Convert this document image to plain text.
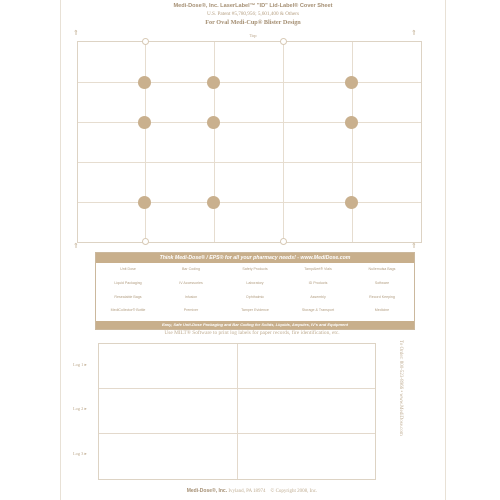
Medi-Dose®, Inc. LaserLabel™ "ID" Lid-Label® Cover Sheet
U.S. Patent #5,780,956; 5,601,400 & Others
For Oval Medi-Cup® Blister Design
Top
⇑	⇑
⇑	⇑
Think Medi-Dose® / EPS® for all your pharmacy needs! - www.MediDose.com
Unit Dose	Bar Coding	Safety Products	TampAlert® Vials	Nullemulsa Bags
Liquid Packaging	IV Accessories	Laboratory	ID Products	Software
Resealable Bags	Infusion	Ophthalmic	Assembly	Record Keeping
MediCollector® Bottle	Premixer	Tamper Evidence	Storage & Transport	Medicine
Easy, Safe Unit-Dose Packaging and Bar Coding for Solids, Liquids, Ampules, IV's and Equipment
Use MILT® Software to print log labels for paper records, fire identification, etc.
Log 1 ▸
Log 2 ▸
Log 3 ▸
To Order: 800-523-8966 • www.MediDose.com
Medi-Dose®, Inc. Ivyland, PA 18974 © Copyright 2008, Inc.
